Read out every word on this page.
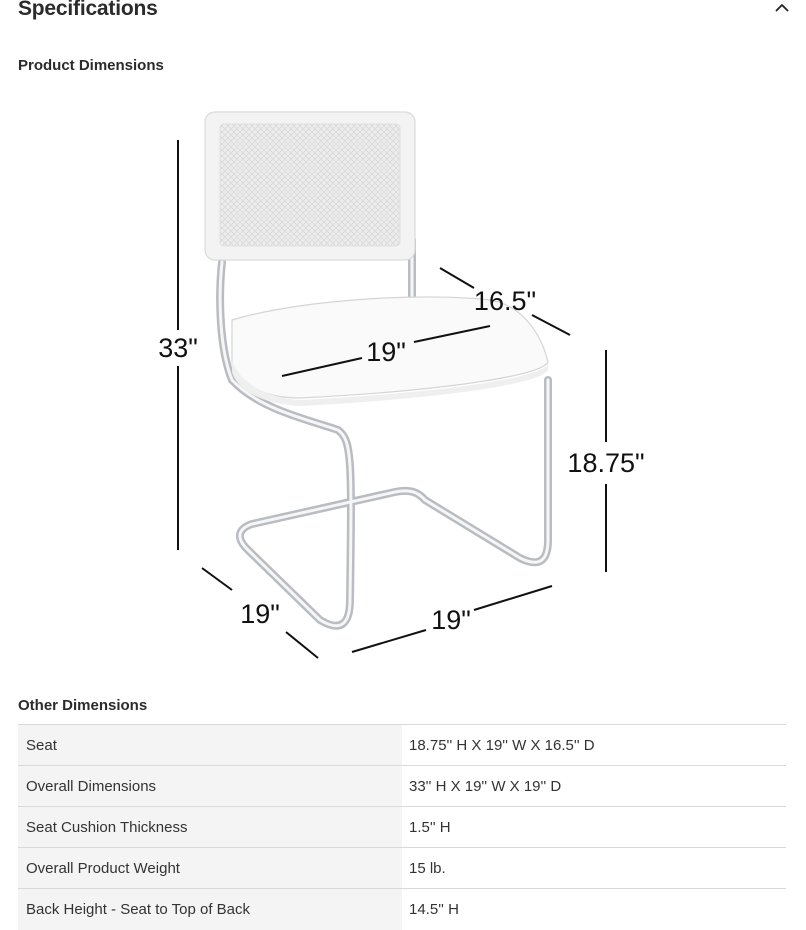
Specifications
Product Dimensions
33"
16.5"
19"
18.75"
19"	19"
Other Dimensions
Seat	18.75'' H X 19'' W X 16.5'' D
Overall Dimensions	33'' H X 19'' W X 19'' D
Seat Cushion Thickness	1.5'' H
Overall Product Weight	15 lb.
Back Height - Seat to Top of Back	14.5'' H
